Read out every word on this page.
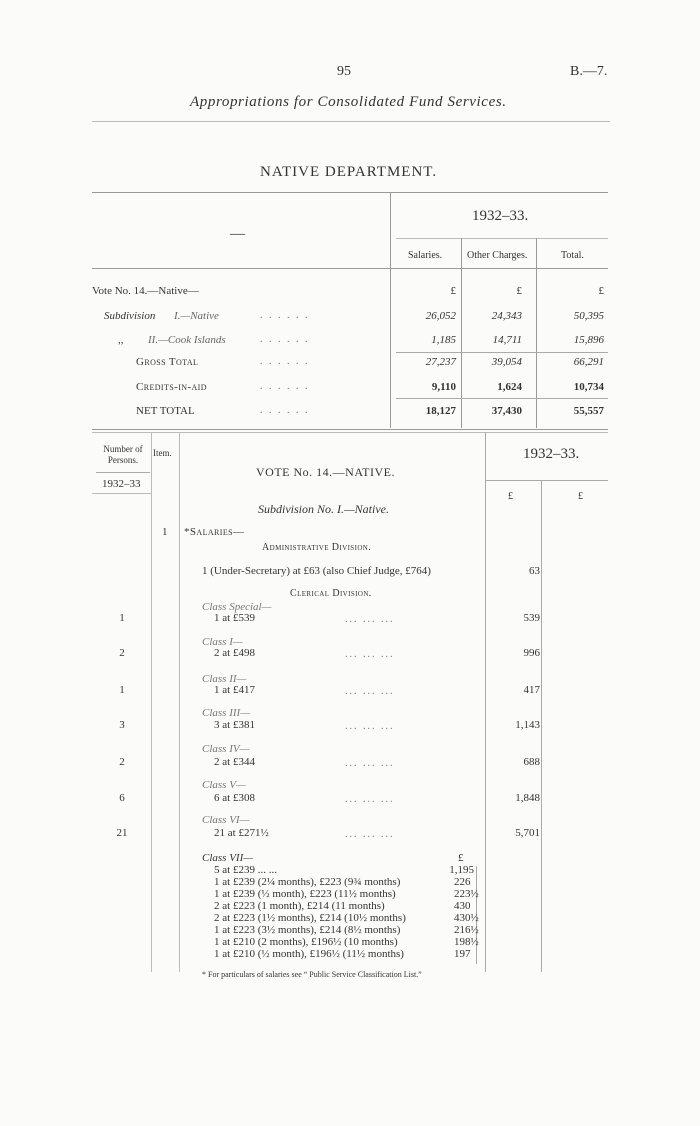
95	B.—7.
Appropriations for Consolidated Fund Services.
NATIVE DEPARTMENT.
1932–33.
—
Salaries. Other Charges.	Total.
Vote No. 14.—Native—	£	£	£
Subdivision I.—Native	. . . . . .	26,052	24,343	50,395
,, II.—Cook Islands	. . . . . .	1,185	14,711	15,896
Gross Total	. . . . . .	27,237	39,054	66,291
Credits-in-aid	. . . . . .	9,110	1,624	10,734
NET TOTAL	. . . . . .	18,127	37,430	55,557
Number of Persons.
Item.
1932–33
1932–33.
£	£
VOTE No. 14.—NATIVE.
Subdivision No. I.—Native.
1 *Salaries—
Administrative Division.
1 (Under-Secretary) at £63 (also Chief Judge, £764)	63
Clerical Division.
Class Special—
1	1 at £539	... ... ...	539
Class I—
2	2 at £498	... ... ...	996
Class II—
1	1 at £417	... ... ...	417
Class III—
3	3 at £381	... ... ...	1,143
Class IV—
2	2 at £344	... ... ...	688
Class V—
6	6 at £308	... ... ...	1,848
Class VI—
21	21 at £271½	... ... ...	5,701
Class VII—	£
5 at £239 ... ...	1,195
1 at £239 (2¼ months), £223 (9¾ months)	226
1 at £239 (½ month), £223 (11½ months)	223½
2 at £223 (1 month), £214 (11 months)	430
2 at £223 (1½ months), £214 (10½ months)	430½
1 at £223 (3½ months), £214 (8½ months)	216½
1 at £210 (2 months), £196½ (10 months)	198½
1 at £210 (½ month), £196½ (11½ months)	197
* For particulars of salaries see “ Public Service Classification List.”
